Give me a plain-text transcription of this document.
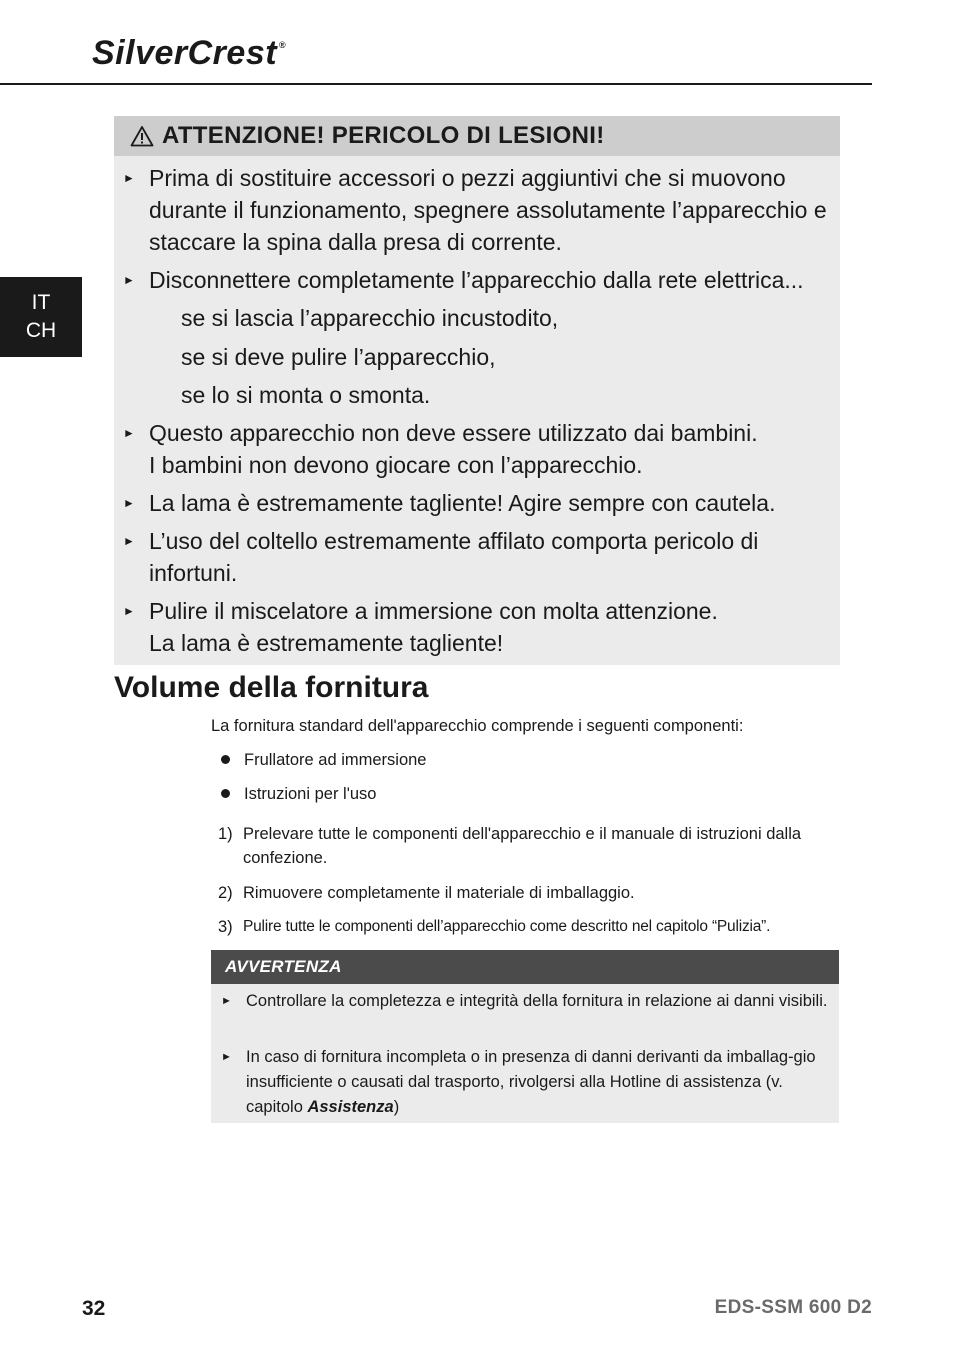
SilverCrest ®
IT
CH
ATTENZIONE! PERICOLO DI LESIONI!
► Prima di sostituire accessori o pezzi aggiuntivi che si muovono durante il funzionamento, spegnere assolutamente l’apparecchio e staccare la spina dalla presa di corrente.
► Disconnettere completamente l’apparecchio dalla rete elettrica...
se si lascia l’apparecchio incustodito,
se si deve pulire l’apparecchio,
se lo si monta o smonta.
► Questo apparecchio non deve essere utilizzato dai bambini.
I bambini non devono giocare con l’apparecchio.
► La lama è estremamente tagliente! Agire sempre con cautela.
► L’uso del coltello estremamente affilato comporta pericolo di infortuni.
► Pulire il miscelatore a immersione con molta attenzione.
La lama è estremamente tagliente!
Volume della fornitura
La fornitura standard dell'apparecchio comprende i seguenti componenti:
Frullatore ad immersione
Istruzioni per l'uso
1) Prelevare tutte le componenti dell'apparecchio e il manuale di istruzioni dalla confezione.
2) Rimuovere completamente il materiale di imballaggio.
3) Pulire tutte le componenti dell’apparecchio come descritto nel capitolo “Pulizia”.
AVVERTENZA
► Controllare la completezza e integrità della fornitura in relazione ai danni visibili.
► In caso di fornitura incompleta o in presenza di danni derivanti da imballag-gio insufficiente o causati dal trasporto, rivolgersi alla Hotline di assistenza (v. capitolo Assistenza)
32	EDS-SSM 600 D2
